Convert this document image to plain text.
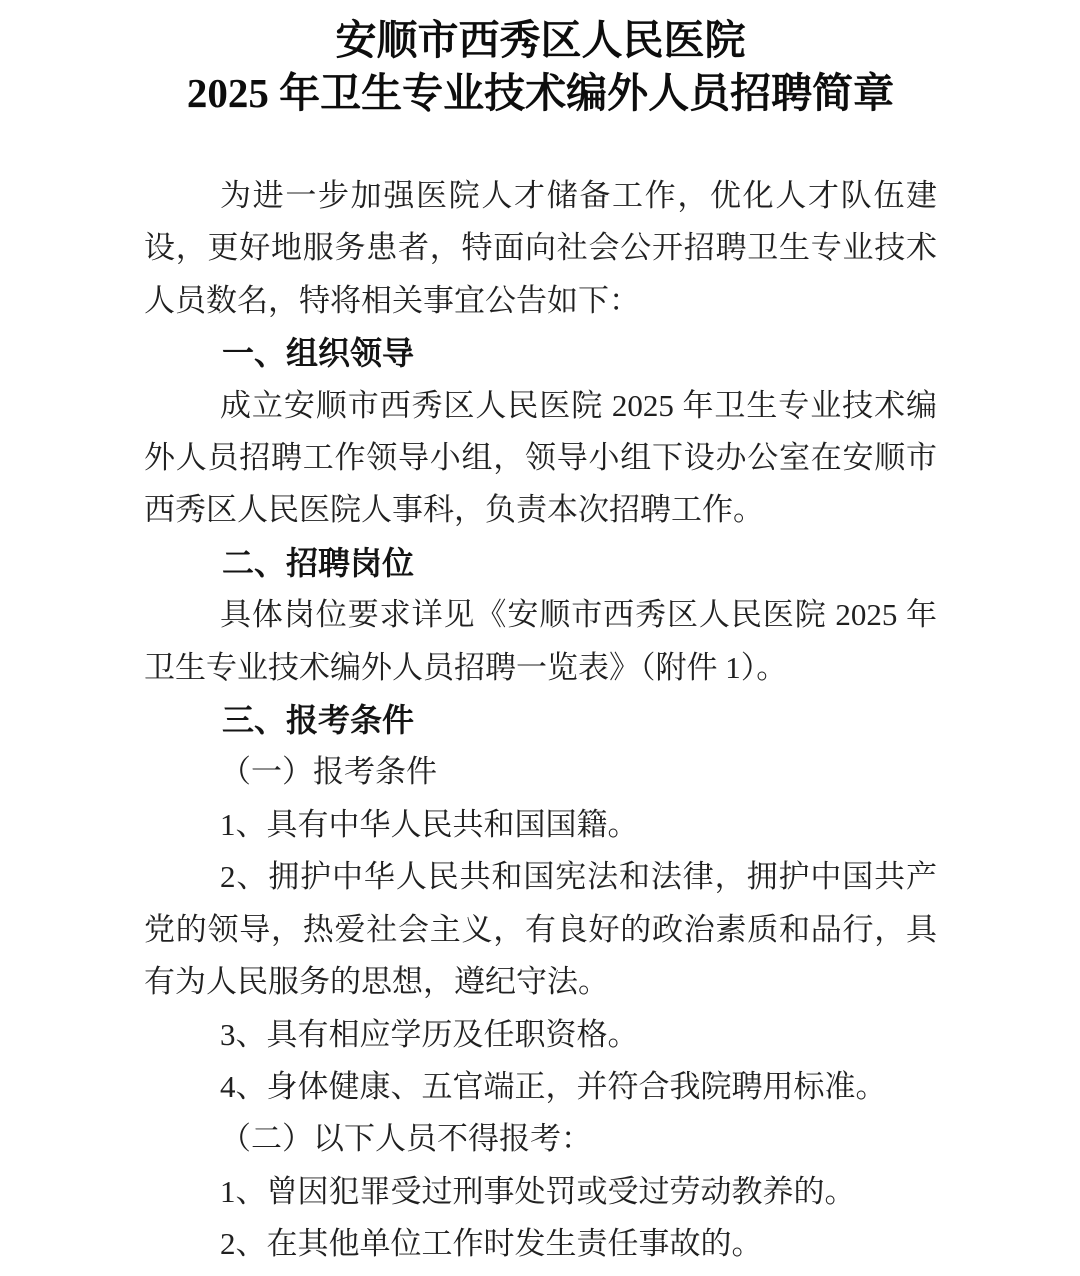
安顺市西秀区人民医院
2025 年卫生专业技术编外人员招聘简章

为进一步加强医院人才储备工作，优化人才队伍建设，更好地服务患者，特面向社会公开招聘卫生专业技术人员数名，特将相关事宜公告如下：

一、组织领导

成立安顺市西秀区人民医院 2025 年卫生专业技术编外人员招聘工作领导小组，领导小组下设办公室在安顺市西秀区人民医院人事科，负责本次招聘工作。

二、招聘岗位

具体岗位要求详见《安顺市西秀区人民医院 2025 年卫生专业技术编外人员招聘一览表》（附件 1）。

三、报考条件

（一）报考条件

1、具有中华人民共和国国籍。

2、拥护中华人民共和国宪法和法律，拥护中国共产党的领导，热爱社会主义，有良好的政治素质和品行，具有为人民服务的思想，遵纪守法。

3、具有相应学历及任职资格。

4、身体健康、五官端正，并符合我院聘用标准。

（二）以下人员不得报考：

1、曾因犯罪受过刑事处罚或受过劳动教养的。

2、在其他单位工作时发生责任事故的。
